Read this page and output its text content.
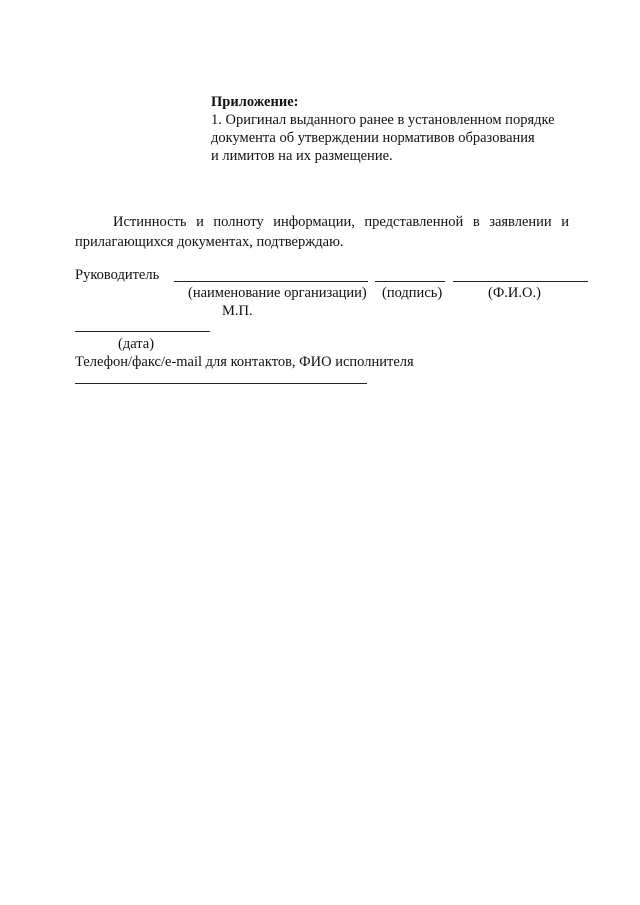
Приложение:
1. Оригинал выданного ранее в установленном порядке
документа об утверждении нормативов образования
и лимитов на их размещение.
Истинность и полноту информации, представленной в заявлении и прилагающихся документах, подтверждаю.
Руководитель
(наименование организации) (подпись)	(Ф.И.О.)
М.П.
(дата)
Телефон/факс/e-mail для контактов, ФИО исполнителя
